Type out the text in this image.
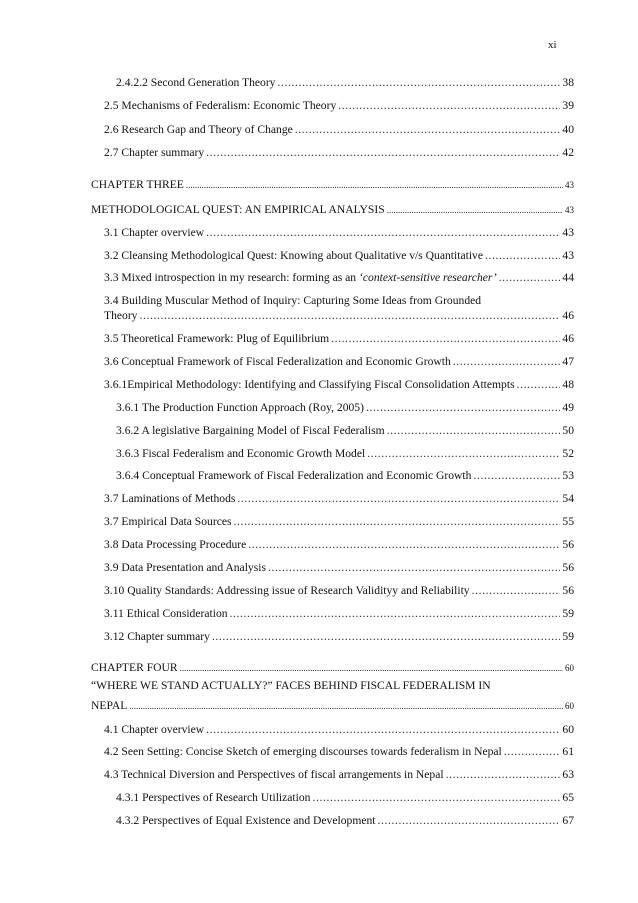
xi
2.4.2.2 Second Generation Theory .....	38
2.5 Mechanisms of Federalism: Economic Theory .....	39
2.6 Research Gap and Theory of Change .....	40
2.7 Chapter summary .....	42
CHAPTER THREE .....	43
METHODOLOGICAL QUEST: AN EMPIRICAL ANALYSIS .....	43
3.1 Chapter overview .....	43
3.2 Cleansing Methodological Quest: Knowing about Qualitative v/s Quantitative .....	43
3.3 Mixed introspection in my research: forming as an ‘context-sensitive researcher’ .....	44
3.4 Building Muscular Method of Inquiry: Capturing Some Ideas from Grounded
Theory .....	46
3.5 Theoretical Framework: Plug of Equilibrium .....	46
3.6 Conceptual Framework of Fiscal Federalization and Economic Growth .....	47
3.6.1Empirical Methodology: Identifying and Classifying Fiscal Consolidation Attempts .....	48
3.6.1 The Production Function Approach (Roy, 2005) .....	49
3.6.2 A legislative Bargaining Model of Fiscal Federalism .....	50
3.6.3 Fiscal Federalism and Economic Growth Model .....	52
3.6.4 Conceptual Framework of Fiscal Federalization and Economic Growth .....	53
3.7 Laminations of Methods .....	54
3.7 Empirical Data Sources .....	55
3.8 Data Processing Procedure .....	56
3.9 Data Presentation and Analysis .....	56
3.10 Quality Standards: Addressing issue of Research Validityy and Reliability .....	56
3.11 Ethical Consideration .....	59
3.12 Chapter summary .....	59
CHAPTER FOUR .....	60
“WHERE WE STAND ACTUALLY?” FACES BEHIND FISCAL FEDERALISM IN
NEPAL .....	60
4.1 Chapter overview .....	60
4.2 Seen Setting: Concise Sketch of emerging discourses towards federalism in Nepal .....	61
4.3 Technical Diversion and Perspectives of fiscal arrangements in Nepal .....	63
4.3.1 Perspectives of Research Utilization .....	65
4.3.2 Perspectives of Equal Existence and Development .....	67
